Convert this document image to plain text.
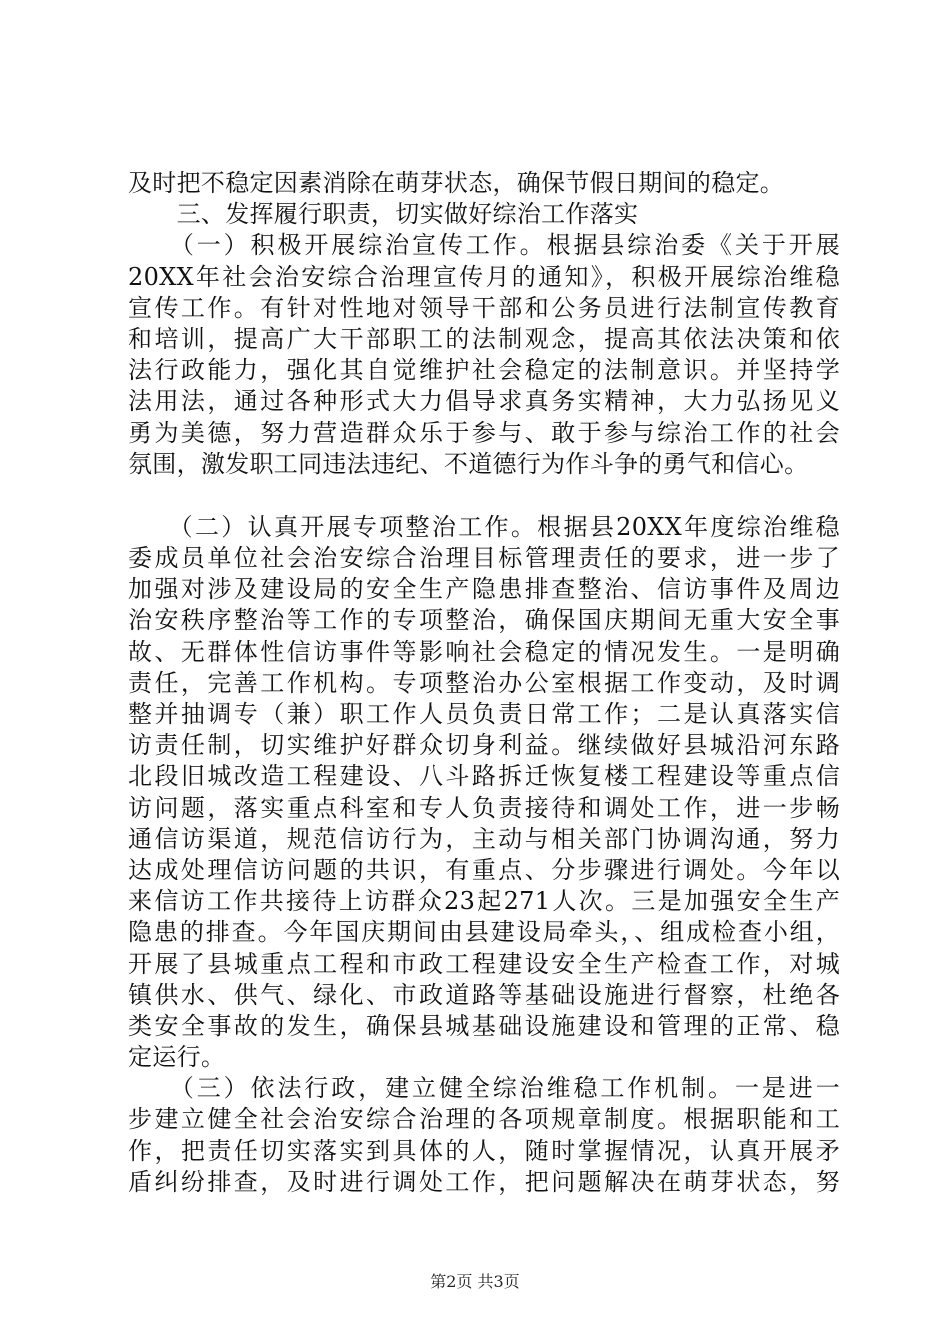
及时把不稳定因素消除在萌芽状态，确保节假日期间的稳定。
　　三、发挥履行职责，切实做好综治工作落实
　　（一）积极开展综治宣传工作。根据县综治委《关于开展
20XX年社会治安综合治理宣传月的通知》，积极开展综治维稳
宣传工作。有针对性地对领导干部和公务员进行法制宣传教育
和培训，提高广大干部职工的法制观念，提高其依法决策和依
法行政能力，强化其自觉维护社会稳定的法制意识。并坚持学
法用法，通过各种形式大力倡导求真务实精神，大力弘扬见义
勇为美德，努力营造群众乐于参与、敢于参与综治工作的社会
氛围，激发职工同违法违纪、不道德行为作斗争的勇气和信心。
　　（二）认真开展专项整治工作。根据县20XX年度综治维稳
委成员单位社会治安综合治理目标管理责任的要求，进一步了
加强对涉及建设局的安全生产隐患排查整治、信访事件及周边
治安秩序整治等工作的专项整治，确保国庆期间无重大安全事
故、无群体性信访事件等影响社会稳定的情况发生。一是明确
责任，完善工作机构。专项整治办公室根据工作变动，及时调
整并抽调专（兼）职工作人员负责日常工作；二是认真落实信
访责任制，切实维护好群众切身利益。继续做好县城沿河东路
北段旧城改造工程建设、八斗路拆迁恢复楼工程建设等重点信
访问题，落实重点科室和专人负责接待和调处工作，进一步畅
通信访渠道，规范信访行为，主动与相关部门协调沟通，努力
达成处理信访问题的共识，有重点、分步骤进行调处。今年以
来信访工作共接待上访群众23起271人次。三是加强安全生产
隐患的排查。今年国庆期间由县建设局牵头，、组成检查小组，
开展了县城重点工程和市政工程建设安全生产检查工作，对城
镇供水、供气、绿化、市政道路等基础设施进行督察，杜绝各
类安全事故的发生，确保县城基础设施建设和管理的正常、稳
定运行。
　　（三）依法行政，建立健全综治维稳工作机制。一是进一
步建立健全社会治安综合治理的各项规章制度。根据职能和工
作，把责任切实落实到具体的人，随时掌握情况，认真开展矛
盾纠纷排查，及时进行调处工作，把问题解决在萌芽状态，努
第2页 共3页
